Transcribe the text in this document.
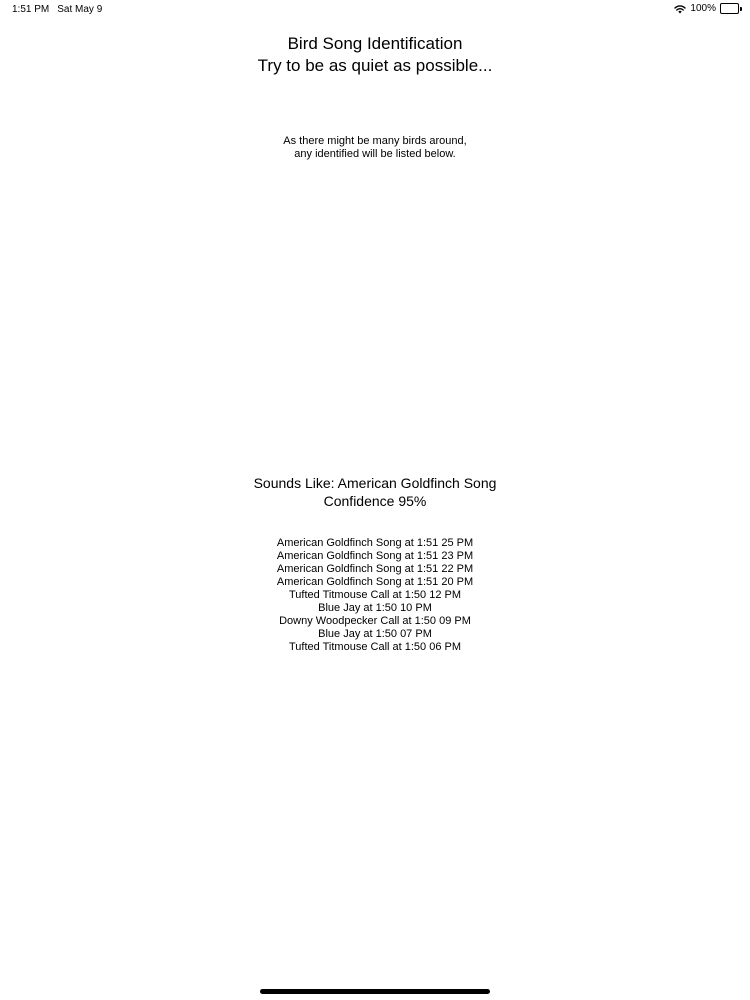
1:51 PM Sat May 9	100%
Bird Song Identification
Try to be as quiet as possible...
As there might be many birds around,
any identified will be listed below.
Sounds Like: American Goldfinch Song
Confidence 95%
American Goldfinch Song at 1:51 25 PM
American Goldfinch Song at 1:51 23 PM
American Goldfinch Song at 1:51 22 PM
American Goldfinch Song at 1:51 20 PM
Tufted Titmouse Call at 1:50 12 PM
Blue Jay at 1:50 10 PM
Downy Woodpecker Call at 1:50 09 PM
Blue Jay at 1:50 07 PM
Tufted Titmouse Call at 1:50 06 PM
